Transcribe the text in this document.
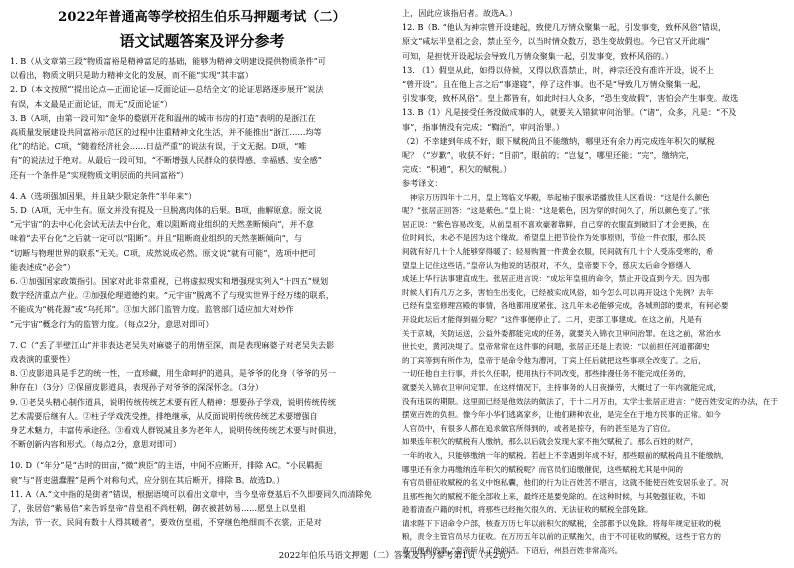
2022年普通高等学校招生伯乐马押题考试（二）
语文试题答案及评分参考
1. B（从文章第三段“物质富裕是精神富足的基础，能够为精神文明建设提供物质条件”可
以看出，物质文明只是助力精神文化的发展，而不能“实现”其丰富）
2. D（本文按照“‘提出论点—正面论证—反面论证—总结全文’的论证思路逐步展开”说法
有误，本文最是正面论证，而无“反面论证”）
3. B（A项，由第一段可知“金华的婺剧开花和温州的城市书房的打造”表明的是浙江在
高质量发展建设共同富裕示范区的过程中注重精神文化生活，并不能推出“浙江……均等
化”的结论。C项，“随着经济社会……日益严重”的说法有误，于文无据。D项，“唯
有”的说法过于绝对。从最后一段可知，“不断增强人民群众的获得感、幸福感、安全感”
还有一个条件是“实现物质文明层面的共同富裕”）
4. A（选项强加因果，并且缺少限定条件“半年来”）
5. D（A项，无中生有。原文并没有提及一旦脱离肉体的后果。B项，曲解原意。原文说
“元宇宙”的去中心化会试无法去中台化，难以阻断商业组织的天然垄断倾向”，并不意
味着“去平台化”之后就一定可以“阻断”。并且“阻断商业组织的天然垄断倾向”，与
“切断与物理世界的联系”无关。C项，成然说成必然。原文说“就有可能”，选项中把可
能表述成“必会”）
6. ①加强国家政策指引。国家对此非常重视，已将虚拟现实和增强现实列入“十四五”规划
数字经济重点产业。②加强伦理道德约束。“元宇宙”脱离不了与现实世界于经万缕的联系，
不能成为“桃花源”或“乌托邦”。③加大部门监管力度。监管部门适应加大对炒作
“元宇宙”概念行为的监管力度。（每点2分，意思对即可）
7. C（“丢了半壁江山”并非表达老吴失对麻婆子的用情至深，而是表现麻婆子对老吴失去影
戏表演的重要性）
8. ①皮影道具是手艺的统一性，一直珍藏，用生命呵护的道具，是爷爷的化身（爷爷的另一
种存在）（3分）②保留皮影道具，表现孙子对爷爷的深深怀念。（3分）
9. ①老吴头精心制作道具，说明传统传统艺术要有匠人精神：想要孙子学戏，说明传统传统
艺术需要后继有人。②柱子学戏洗受挫，排绝继承，从反面说明传统传统艺术要增强自
身艺术魅力，丰富传承途径。③看戏人群锐减且多为老年人，说明传统传统艺术要与时俱进，
不断创新内容和形式。（每点2分，意思对即可）
10. D（“年分”是“古时的田亩，”微“谀臣”的主语，中间不应断开，排除 AC。“小民羁扼
衰”与“晋吏滋蠢腥”是两个对称句式，应分别在其后断开，排除 B。故选D。）
11. A（A.“文中指的是街者”错误，根据语境可以看出文章中，当今皇帝登基后不久即要同久而清除免
了，张居倍“紫易倍”来告诉皇帝“昔皇祖不尚枉朝，御衣被甚妨易……愿皇上以皇祖
为法，节一衣，民间有数十人得其暖者”，要效仿皇祖，不穿继色绝细而不衣裳，正是对
上，因此应该指启者。故选A。）
12. B（B. “他认为神宗曾开设建起，致使几万情众聚集一起，引发事变，致杯风俗”错误，
原文“咸坛半皇祖之会，禁止至今，以当时情众数万，恐生变故假也。今已官又开此端”
可知，是担忧开设起坛会导致几万情众聚集一起，引发事变，致杯风俗的。）
13. （1）假皇从此，如得以侍候，又得以欣喜禁止，时，神宗还没有准许开设，说不上
“曾开设”。且在他上言之后“事遂寝”，停了这件事。也不是“导致几万情众聚集一起，
引发事变，致杯风俗”。皇上都皆有，如此时扫人众多，“恐生变故假”，害怕会产生事变。故选
13. B（1）凡是接受任务没做成事的人，就要关入错狱审问治罪。（“诸”，众多，凡是：“不及
事”，指事情没有完成；“鞫治”，审问治罪。）
（2）不幸建到年成不好，眼下赋税尚且不能缴纳，哪里还有余力再完成连年积欠的赋税
呢？（“岁歉”，收获不好；“目前”，眼前的；“岂复”，哪里还能；“完”，缴纳完，
完成：“积逋”，积欠的赋税。）
参考译文：
　神宗万历四年十二月，皇上驾临文华殿，举起袖子服承诺播放佳人区看说：“这是什么颜色
呢？”张居正回答：“这是紫色。”皇上说：“这是紫色，因为穿的时间久了，所以颜色变了。”张
居正说：“紫色容易改变，从前皇祖不喜欢豪奢靠鲜，自己穿的衣服直到破旧了才会更换，在
位时间长，未必不是因为这个缘故。希望皇上把节俭作为处事原则，节俭一件衣服，那么民
间就有好几十个人能够穿得暖了；轻易购置一件黄金衣服，民间就有几十个人受冻受寒的，希
望皇上记住这些话。”皇帝认为他说的话很对，不久，皇帝要下令，慈庆太后命令修缮人
成延上华行法事建直成生。张居正进言说：“成坛年皇祖的命令，禁止开设直到今天。因为那
时候人们有几万之多，害怕生出变化，已经被实成风俗，如今怎么可以再开设这个先例？去年
已经有皇室修理宫殿的事情，各地都用度紧张、这几年未必能够完成，各城刑部的要求，有何必要
开设此坛后才能得到福分呢？”这件事便停止了。二月，吏部工事建成。在这之前，凡是有
关于京城，关防运送，公益外委都能完成的任务，就要关入锦衣卫审问治罪。在这之前，常治水
世长史，黄河决堤了。皇帝常常在这件事的问题，张居正还是上表说：“以前担任河道都御史
的丁宾等到有所作为，皇帝于是命令他为漕河，丁宾上任后就把这些事项全改变了。之后，
一切任他自主行事，并长久任职，使用执行不同改变，那些排漫任务不能完成任务的，
就要关入锦衣卫审问定罪。在这样情况下，主持事务的人日夜操劳，大概过了一年内就能完成，
没有违误的期限。这里面已经是他效法的做法了，于十二月万由，太学士张居正进言：“使百姓安定的办法，在于
摆宽百姓的负担。像今年小华们逃离家乡，让他们耕种农业，是完全在于地方民事的正常。如今
人官员中，有很多人都在追求做官所得到的，或者是掠夺，有的甚至是为了官位。
如果连年积欠的赋税有人缴纳，那么以后就会发现大家不拖欠赋税了。那么百姓的财产，
一年的收入，只能够缴纳一年的赋税。若赶上不幸遇到年成不好，那些眼前的赋税尚且不能缴纳，
哪里还有余力再缴纳连年积欠的赋税呢？而官员们追缴催促，这些赋税尤其是中间的
有官员借征收赋税的名义中饱私囊，他们的行为让百姓苦不堪言，这就不能使百姓安居乐业了。况
且那些拖欠的赋税不能全部收上来，最终还是要免除的。在这种时候，与其勉强征收，不如
趁着清查户籍的时机，将那些已经拖欠很久的、无法征收的赋税全部免除。
请求陛下下诏命令户部，核查万历七年以前积欠的赋税，全部都予以免除。将每年规定征收的税
粮，责令主管官员尽力征收。在万历五年以前的正赋拖欠，由于不可征收的赋税，这些于官方的
真可便利的事。”皇帝听从了他的话。下诏后，州县百姓非常高兴。
2022年伯乐马语文押题（二）答案及评分参考第1页（共2页）
